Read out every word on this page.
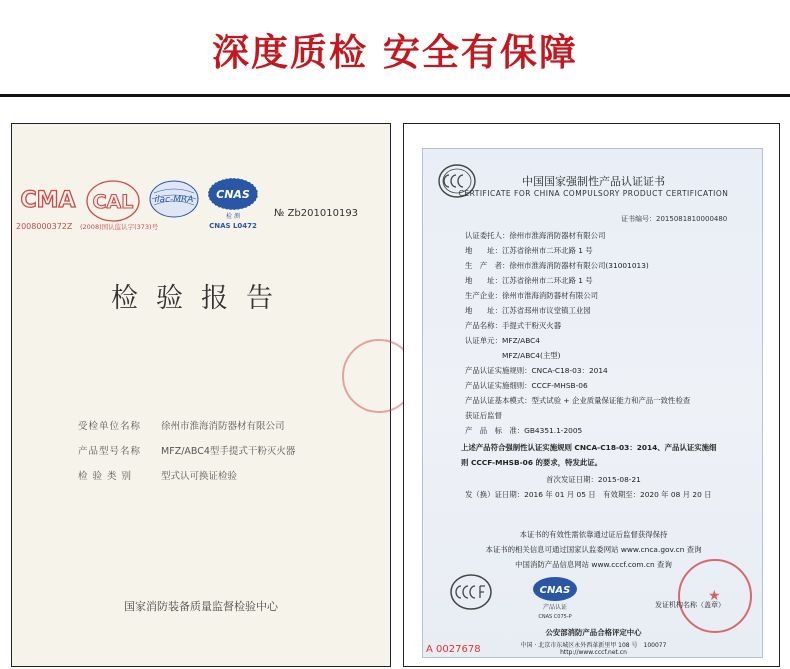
深度质检 安全有保障
CMA
2008000372Z
CAL
(2008)国认监认字(373)号
ilac-MRA CNAS
检 测
CNAS L0472
№ Zb201010193
检验报告
受检单位名称 徐州市淮海消防器材有限公司
产品型号名称 MFZ/ABC4型手提式干粉灭火器
检 验 类 别	型式认可换证检验
国家消防装备质量监督检验中心
中国国家强制性产品认证证书
CERTIFICATE FOR CHINA COMPULSORY PRODUCT CERTIFICATION
证书编号：2015081810000480
认证委托人：徐州市淮海消防器材有限公司
地　　址：江苏省徐州市二环北路 1 号
生　产　者：徐州市淮海消防器材有限公司(31001013)
地　　址：江苏省徐州市二环北路 1 号
生产企业：徐州市淮海消防器材有限公司
地　　址：江苏省邳州市议堂镇工业园
产品名称：手提式干粉灭火器
认证单元：MFZ/ABC4
　　　　　MFZ/ABC4(主型)
产品认证实施规则：CNCA-C18-03：2014
产品认证实施细则：CCCF-MHSB-06
产品认证基本模式：型式试验 + 企业质量保证能力和产品一致性检查
获证后监督
产　品　标　准：GB4351.1-2005
上述产品符合强制性认证实施规则 CNCA-C18-03：2014、产品认证实施细
则 CCCF-MHSB-06 的要求，特发此证。
首次发证日期：2015-08-21
发（换）证日期：2016 年 01 月 05 日　有效期至：2020 年 08 月 20 日
本证书的有效性需依靠通过证后监督获得保持
本证书的相关信息可通过国家认监委网站 www.cnca.gov.cn 查询
中国消防产品信息网站 www.cccf.com.cn 查询
CNAS
产品认证
CNAS C075-P
★
发证机构名称（盖章）
公安部消防产品合格评定中心
中国 · 北京市东城区永外西革新里甲 108 号　100077
http://www.cccf.net.cn
A 0027678
